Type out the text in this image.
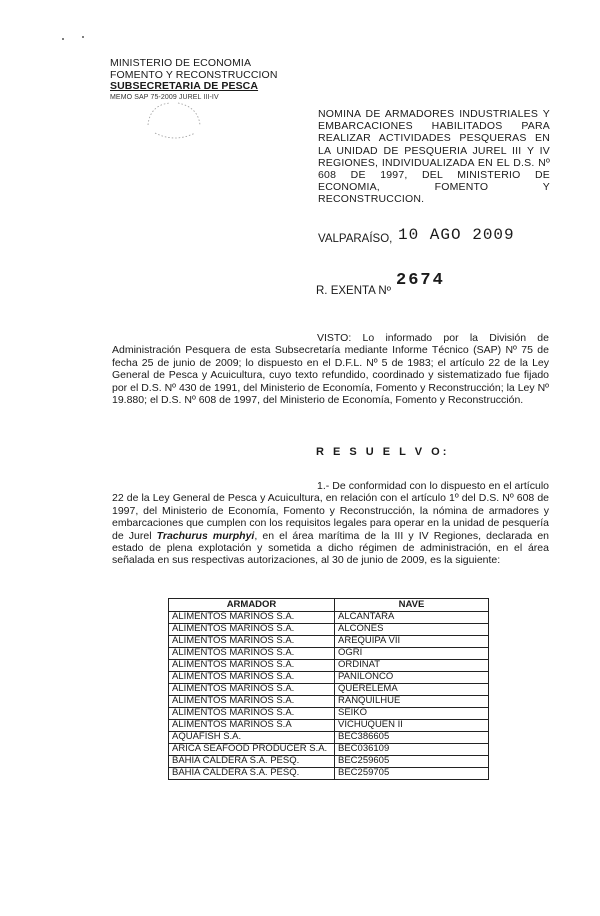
MINISTERIO DE ECONOMIA
FOMENTO Y RECONSTRUCCION
SUBSECRETARIA DE PESCA
MEMO SAP 75-2009 JUREL III-IV
NOMINA DE ARMADORES INDUSTRIALES Y EMBARCACIONES HABILITADOS PARA REALIZAR ACTIVIDADES PESQUERAS EN LA UNIDAD DE PESQUERIA JUREL III Y IV REGIONES, INDIVIDUALIZADA EN EL D.S. Nº 608 DE 1997, DEL MINISTERIO DE ECONOMIA, FOMENTO Y RECONSTRUCCION.
VALPARAÍSO, 10 AGO 2009
R. EXENTA Nº
2674

VISTO: Lo informado por la División de Administración Pesquera de esta Subsecretaría mediante Informe Técnico (SAP) Nº 75 de fecha 25 de junio de 2009; lo dispuesto en el D.F.L. Nº 5 de 1983; el artículo 22 de la Ley General de Pesca y Acuicultura, cuyo texto refundido, coordinado y sistematizado fue fijado por el D.S. Nº 430 de 1991, del Ministerio de Economía, Fomento y Reconstrucción; la Ley Nº 19.880; el D.S. Nº 608 de 1997, del Ministerio de Economía, Fomento y Reconstrucción.

R E S U E L V O:

1.- De conformidad con lo dispuesto en el artículo 22 de la Ley General de Pesca y Acuicultura, en relación con el artículo 1º del D.S. Nº 608 de 1997, del Ministerio de Economía, Fomento y Reconstrucción, la nómina de armadores y embarcaciones que cumplen con los requisitos legales para operar en la unidad de pesquería de Jurel Trachurus murphyi, en el área marítima de la III y IV Regiones, declarada en estado de plena explotación y sometida a dicho régimen de administración, en el área señalada en sus respectivas autorizaciones, al 30 de junio de 2009, es la siguiente:

ARMADOR	NAVE
ALIMENTOS MARINOS S.A.	ALCANTARA
ALIMENTOS MARINOS S.A.	ALCONES
ALIMENTOS MARINOS S.A.	AREQUIPA VII
ALIMENTOS MARINOS S.A.	OGRI
ALIMENTOS MARINOS S.A.	ORDINAT
ALIMENTOS MARINOS S.A.	PANILONCO
ALIMENTOS MARINOS S.A.	QUERELEMA
ALIMENTOS MARINOS S.A.	RANQUILHUE
ALIMENTOS MARINOS S.A.	SEIKO
ALIMENTOS MARINOS S.A	VICHUQUEN II
AQUAFISH S.A.	BEC386605
ARICA SEAFOOD PRODUCER S.A.	BEC036109
BAHIA CALDERA S.A. PESQ.	BEC259605
BAHIA CALDERA S.A. PESQ.	BEC259705
